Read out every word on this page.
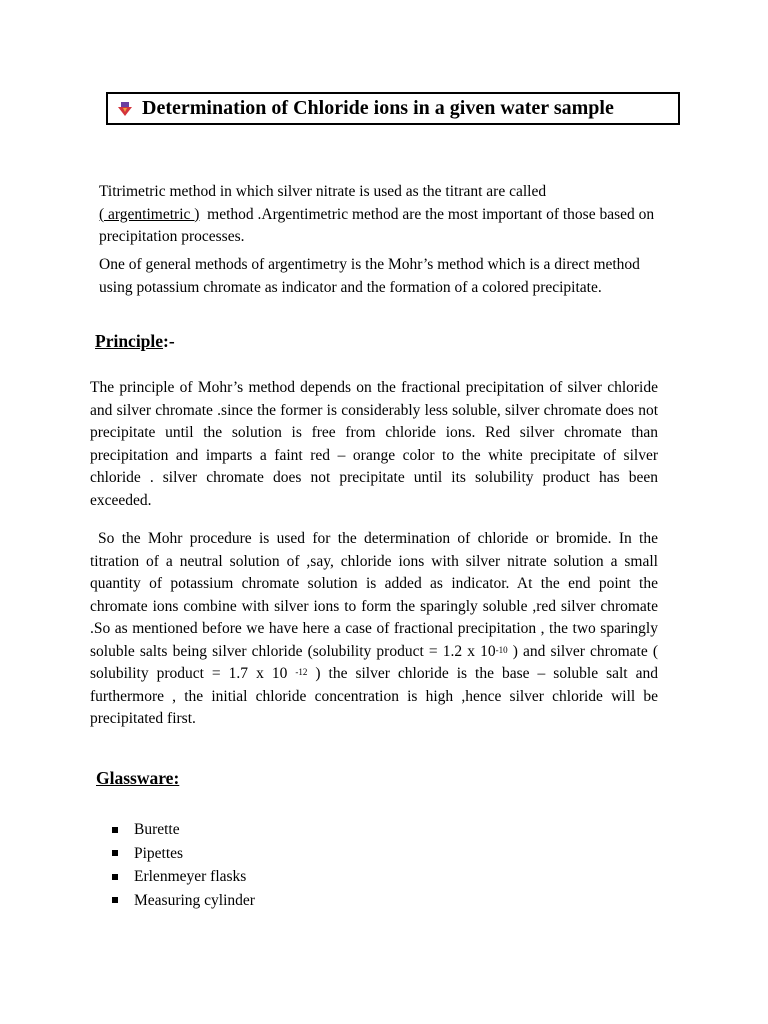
Determination of Chloride ions in a given water sample

Titrimetric method in which silver nitrate is used as the titrant are called
( argentimetric ) method .Argentimetric method are the most important of those based on precipitation processes.

One of general methods of argentimetry is the Mohr’s method which is a direct method using potassium chromate as indicator and the formation of a colored precipitate.

Principle:-

The principle of Mohr’s method depends on the fractional precipitation of silver chloride and silver chromate .since the former is considerably less soluble, silver chromate does not precipitate until the solution is free from chloride ions. Red silver chromate than precipitation and imparts a faint red – orange color to the white precipitate of silver chloride . silver chromate does not precipitate until its solubility product has been exceeded.

So the Mohr procedure is used for the determination of chloride or bromide. In the titration of a neutral solution of ,say, chloride ions with silver nitrate solution a small quantity of potassium chromate solution is added as indicator. At the end point the chromate ions combine with silver ions to form the sparingly soluble ,red silver chromate .So as mentioned before we have here a case of fractional precipitation , the two sparingly soluble salts being silver chloride (solubility product = 1.2 x $10^{-10}$ ) and silver chromate ( solubility product = 1.7 x 10 $^{-12}$ ) the silver chloride is the base – soluble salt and furthermore , the initial chloride concentration is high ,hence silver chloride will be precipitated first.

Glassware:
Burette
Pipettes
Erlenmeyer flasks
Measuring cylinder
